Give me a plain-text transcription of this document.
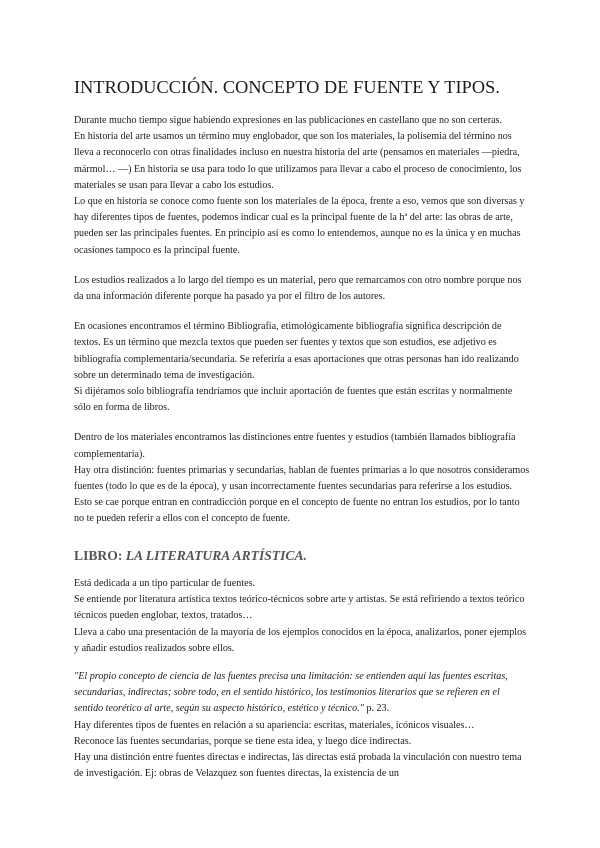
INTRODUCCIÓN. CONCEPTO DE FUENTE Y TIPOS.

Durante mucho tiempo sigue habiendo expresiones en las publicaciones en castellano que no son certeras.

En historia del arte usamos un término muy englobador, que son los materiales, la polisemia del término nos lleva a reconocerlo con otras finalidades incluso en nuestra historia del arte (pensamos en materiales —piedra, mármol… —) En historia se usa para todo lo que utilizamos para llevar a cabo el proceso de conocimiento, los materiales se usan para llevar a cabo los estudios.

Lo que en historia se conoce como fuente son los materiales de la época, frente a eso, vemos que son diversas y hay diferentes tipos de fuentes, podemos indicar cual es la principal fuente de la hª del arte: las obras de arte, pueden ser las principales fuentes. En principio así es como lo entendemos, aunque no es la única y en muchas ocasiones tampoco es la principal fuente.

Los estudios realizados a lo largo del tiempo es un material, pero que remarcamos con otro nombre porque nos da una información diferente porque ha pasado ya por el filtro de los autores.

En ocasiones encontramos el término Bibliografía, etimológicamente bibliografía significa descripción de textos. Es un término que mezcla textos que pueden ser fuentes y textos que son estudios, ese adjetivo es bibliografía complementaria/secundaria. Se referiría a esas aportaciones que otras personas han ido realizando sobre un determinado tema de investigación.

Si dijéramos solo bibliografía tendríamos que incluir aportación de fuentes que están escritas y normalmente sólo en forma de libros.

Dentro de los materiales encontramos las distinciones entre fuentes y estudios (también llamados bibliografía complementaria).

Hay otra distinción: fuentes primarias y secundarias, hablan de fuentes primarias a lo que nosotros consideramos fuentes (todo lo que es de la época), y usan incorrectamente fuentes secundarias para referirse a los estudios. Esto se cae porque entran en contradicción porque en el concepto de fuente no entran los estudios, por lo tanto no te pueden referir a ellos con el concepto de fuente.

LIBRO: LA LITERATURA ARTÍSTICA.

Está dedicada a un tipo particular de fuentes.

Se entiende por literatura artística textos teórico-técnicos sobre arte y artistas. Se está refiriendo a textos teórico técnicos pueden englobar, textos, tratados…

Lleva a cabo una presentación de la mayoría de los ejemplos conocidos en la época, analizarlos, poner ejemplos y añadir estudios realizados sobre ellos.

"El propio concepto de ciencia de las fuentes precisa una limitación: se entienden aquí las fuentes escritas, secundarias, indirectas; sobre todo, en el sentido histórico, los testimonios literarios que se refieren en el sentido teorético al arte, según su aspecto histórico, estético y técnico." p. 23.

Hay diferentes tipos de fuentes en relación a su apariencia: escritas, materiales, icónicos visuales…

Reconoce las fuentes secundarias, porque se tiene esta idea, y luego dice indirectas.

Hay una distinción entre fuentes directas e indirectas, las directas está probada la vinculación con nuestro tema de investigación. Ej: obras de Velazquez son fuentes directas, la existencia de un
